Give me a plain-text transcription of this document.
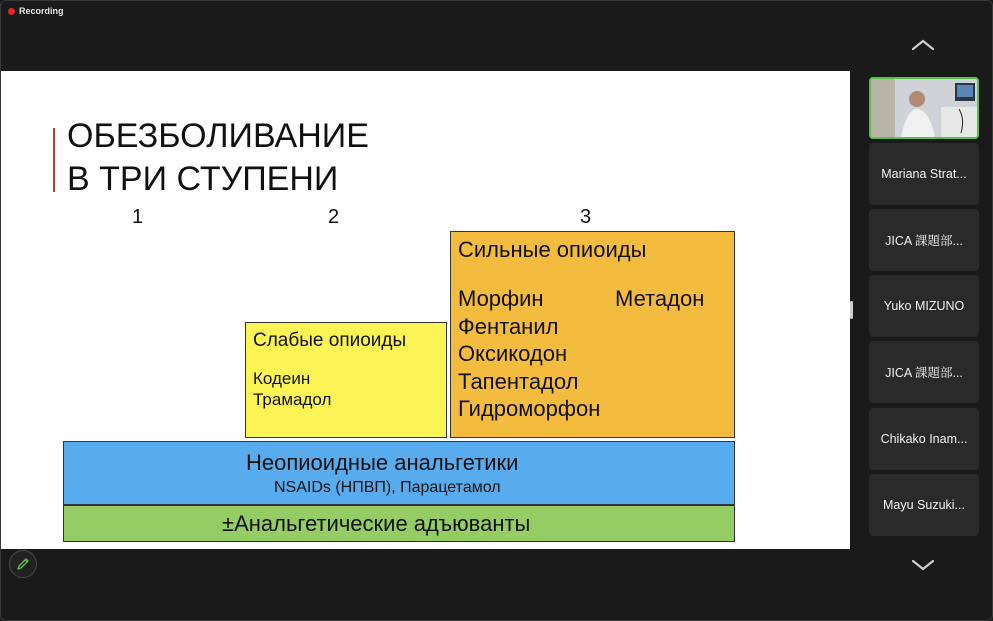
Recording
ОБЕЗБОЛИВАНИЕ
В ТРИ СТУПЕНИ
1	2	3
Слабые опиоиды
Кодеин
Трамадол
Сильные опиоиды
Морфин	Метадон
Фентанил
Оксикодон
Тапентадол
Гидроморфон
Неопиоидные анальгетики
NSAIDs (НПВП), Парацетамол
±Анальгетические адъюванты
Mariana Strat...
JICA 課題部...
Yuko MIZUNO
JICA 課題部...
Chikako Inam...
Mayu Suzuki...
